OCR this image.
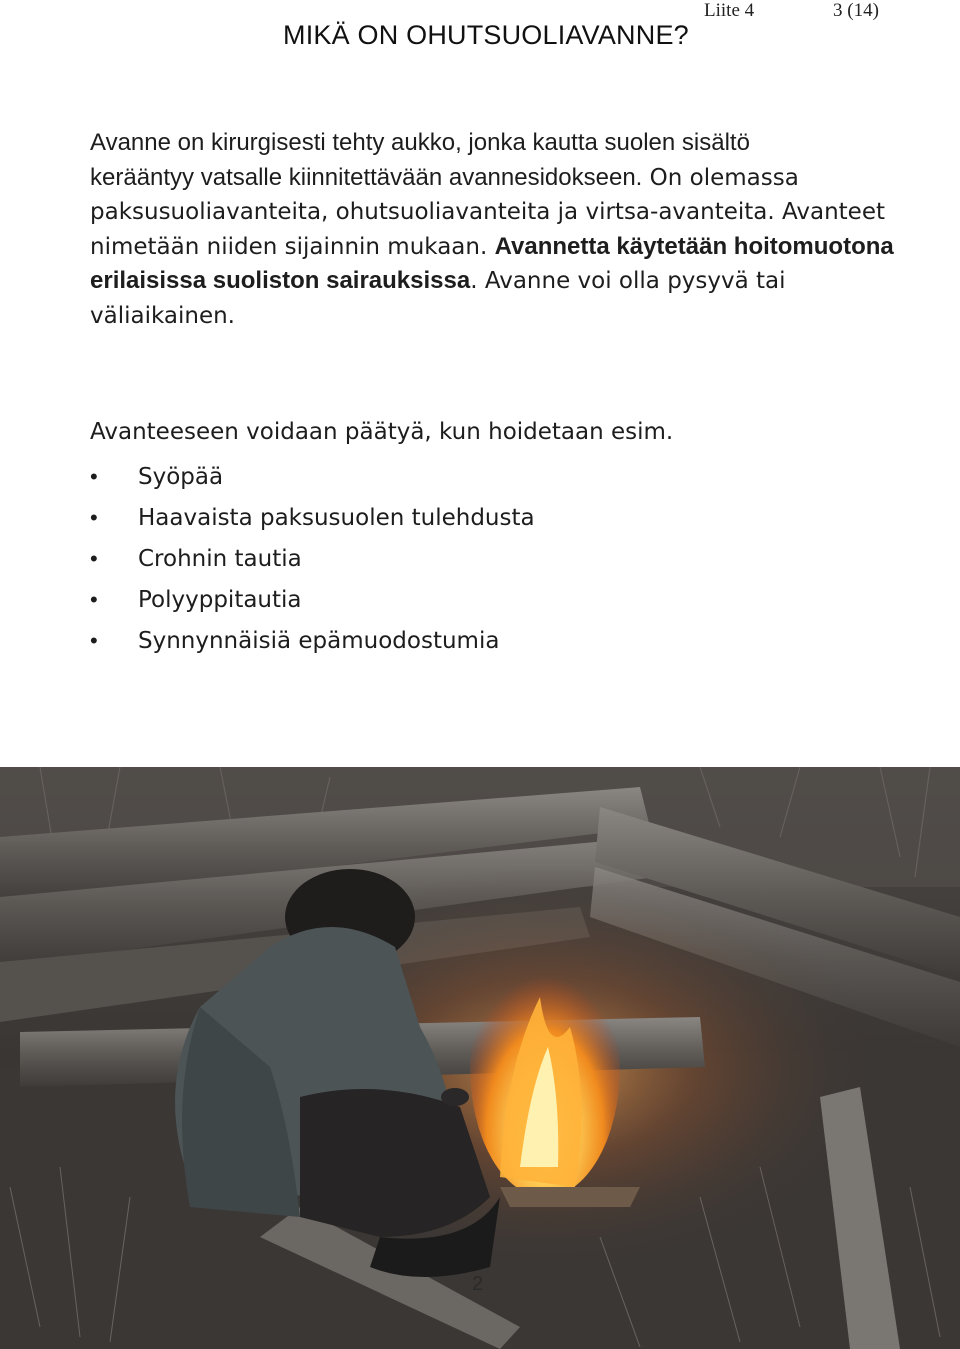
Liite 4	3 (14)
MIKÄ ON OHUTSUOLIAVANNE?
Avanne on kirurgisesti tehty aukko, jonka kautta suolen sisältö
kerääntyy vatsalle kiinnitettävään avannesidokseen. On olemassa paksusuoliavanteita, ohutsuoliavanteita ja virtsa-avanteita. Avanteet nimetään niiden sijainnin mukaan. Avannetta käytetään hoitomuotona erilaisissa suoliston sairauksissa. Avanne voi olla pysyvä tai väliaikainen.
Avanteeseen voidaan päätyä, kun hoidetaan esim.
• Syöpää
• Haavaista paksusuolen tulehdusta
• Crohnin tautia
• Polyyppitautia
• Synnynnäisiä epämuodostumia
2
